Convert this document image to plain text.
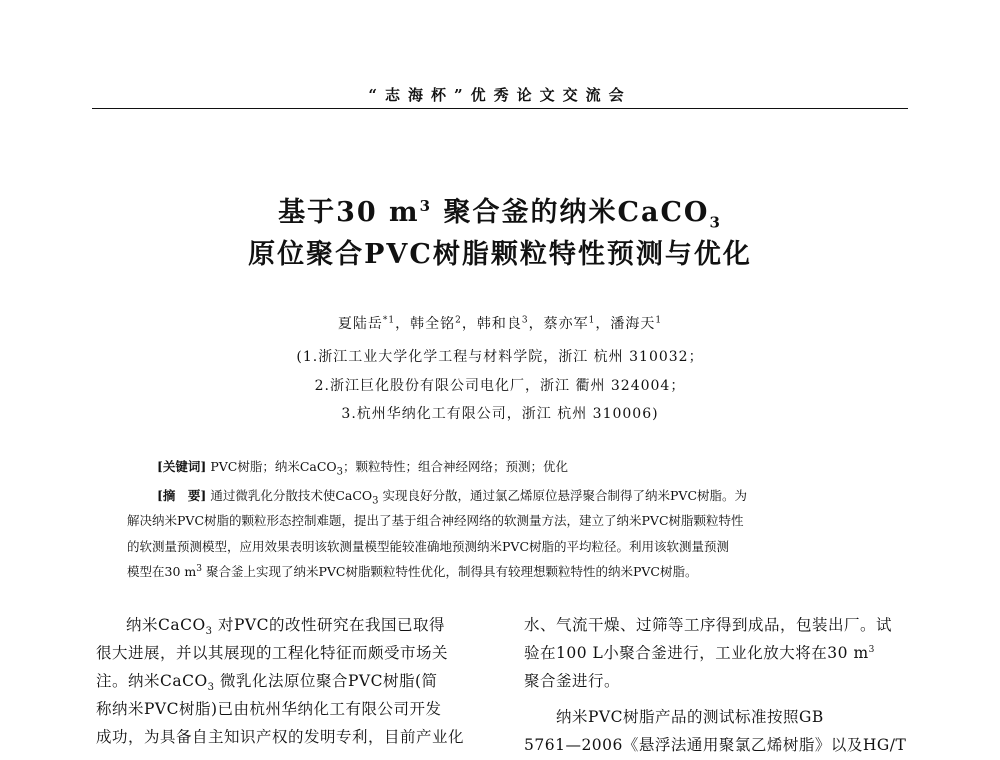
“志海杯”优秀论文交流会
基于30 $m^3$ 聚合釜的纳米CaCO$_3$
原位聚合PVC树脂颗粒特性预测与优化
夏陆岳$^{*1}$，韩全铭$^2$，韩和良$^3$，蔡亦军$^1$，潘海天$^1$
(1.浙江工业大学化学工程与材料学院，浙江 杭州 310032；
2.浙江巨化股份有限公司电化厂，浙江 衢州 324004；
3.杭州华纳化工有限公司，浙江 杭州 310006)
[关键词] PVC树脂；纳米CaCO$_3$；颗粒特性；组合神经网络；预测；优化
[摘　要] 通过微乳化分散技术使CaCO$_3$ 实现良好分散，通过氯乙烯原位悬浮聚合制得了纳米PVC树脂。为
解决纳米PVC树脂的颗粒形态控制难题，提出了基于组合神经网络的软测量方法，建立了纳米PVC树脂颗粒特性
的软测量预测模型，应用效果表明该软测量模型能较准确地预测纳米PVC树脂的平均粒径。利用该软测量预测
模型在30 $m^3$ 聚合釜上实现了纳米PVC树脂颗粒特性优化，制得具有较理想颗粒特性的纳米PVC树脂。
纳米CaCO$_3$ 对PVC的改性研究在我国已取得
很大进展，并以其展现的工程化特征而颇受市场关
注。纳米CaCO$_3$ 微乳化法原位聚合PVC树脂(简
称纳米PVC树脂)已由杭州华纳化工有限公司开发
成功，为具备自主知识产权的发明专利，目前产业化
水、气流干燥、过筛等工序得到成品，包装出厂。试
验在100 L小聚合釜进行，工业化放大将在30 $m^3$
聚合釜进行。
纳米PVC树脂产品的测试标准按照GB
5761—2006《悬浮法通用聚氯乙烯树脂》以及HG/T
